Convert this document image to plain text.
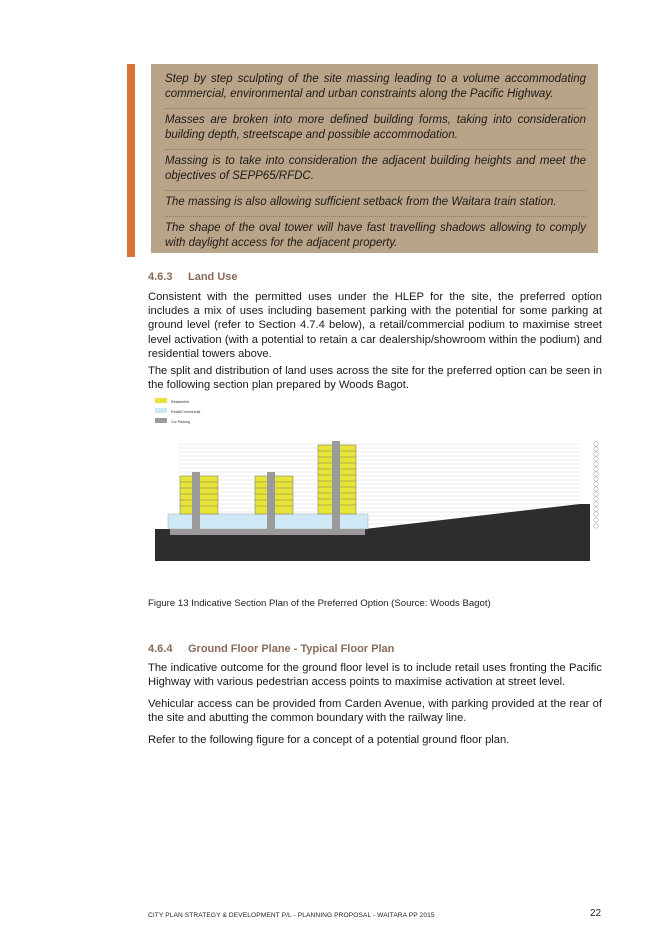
Step by step sculpting of the site massing leading to a volume accommodating commercial, environmental and urban constraints along the Pacific Highway.

Masses are broken into more defined building forms, taking into consideration building depth, streetscape and possible accommodation.

Massing is to take into consideration the adjacent building heights and meet the objectives of SEPP65/RFDC.

The massing is also allowing sufficient setback from the Waitara train station.

The shape of the oval tower will have fast travelling shadows allowing to comply with daylight access for the adjacent property.

4.6.3 Land Use

Consistent with the permitted uses under the HLEP for the site, the preferred option includes a mix of uses including basement parking with the potential for some parking at ground level (refer to Section 4.7.4 below), a retail/commercial podium to maximise street level activation (with a potential to retain a car dealership/showroom within the podium) and residential towers above.

The split and distribution of land uses across the site for the preferred option can be seen in the following section plan prepared by Woods Bagot.

Residential
Retail/Commercial
Car Parking
Figure 13 Indicative Section Plan of the Preferred Option (Source: Woods Bagot)
4.6.4 Ground Floor Plane - Typical Floor Plan

The indicative outcome for the ground floor level is to include retail uses fronting the Pacific Highway with various pedestrian access points to maximise activation at street level.

Vehicular access can be provided from Carden Avenue, with parking provided at the rear of the site and abutting the common boundary with the railway line.

Refer to the following figure for a concept of a potential ground floor plan.

CITY PLAN STRATEGY & DEVELOPMENT P/L - PLANNING PROPOSAL - WAITARA PP 2015	22
